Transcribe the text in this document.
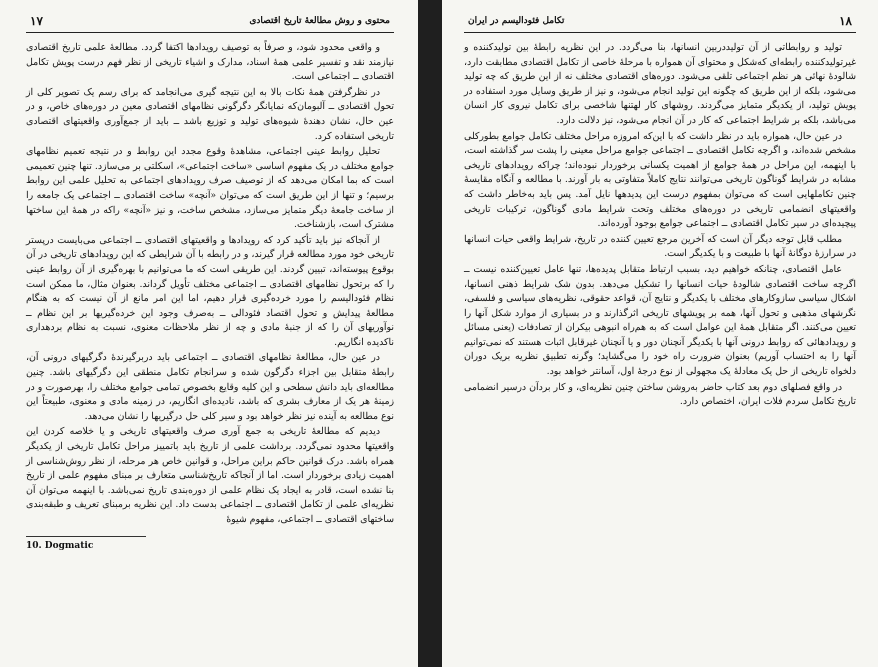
۱۷	محتوی و روش مطالعهٔ تاریخ اقتصادی

و واقعی محدود شود، و صرفاً به توصیف رویدادها اکتفا گردد. مطالعهٔ علمی تاریخ اقتصادی نیازمند نقد و تفسیر علمی همهٔ اسناد، مدارک و اشیاء تاریخی از نظر فهم درست پویش تکامل اقتصادی ــ اجتماعی است.

در نظرگرفتن همهٔ نکات بالا به این نتیجه گیری می‌انجامد که برای رسم یک تصویر کلی از تحول اقتصادی ــ آلبومان‌که نمایانگر دگرگونی نظامهای اقتصادی معین در دوره‌های خاص، و در عین حال، نشان دهندهٔ شیوه‌های تولید و توزیع باشد ــ باید از جمع‌آوری واقعیتهای اقتصادی تاریخی استفاده کرد.

تحلیل روابط عینی اجتماعی، مشاهدهٔ وقوع مجدد این روابط و در نتیجه تعمیم نظامهای جوامع مختلف در یک مفهوم اساسی «ساخت اجتماعی»، اسکلتی بر می‌سازد. تنها چنین تعمیمی است که بما امکان می‌دهد که از توصیف صرف رویدادهای اجتماعی به تحلیل علمی این روابط برسیم؛ و تنها از این طریق است که می‌توان «آنچه» ساخت اقتصادی ــ اجتماعی یک جامعه را از ساخت جامعهٔ دیگر متمایز می‌سازد، مشخص ساخت، و نیز «آنچه» راکه در همهٔ این ساختها مشترک است، بازشناخت.

از آنجاکه نیز باید تأکید کرد که رویدادها و واقعیتهای اقتصادی ــ اجتماعی می‌بایست درپستر تاریخی خود مورد مطالعه قرار گیرند، و در رابطه با آن شرایطی که این رویدادهای تاریخی در آن بوقوع پیوسته‌اند، تبیین گردند. این طریقی است که ما می‌توانیم با بهره‌گیری از آن روابط عینی را که برتحول نظامهای اقتصادی ــ اجتماعی مختلف تأویل گرداند. بعنوان مثال، ما ممکن است نظام فئودالیسم را مورد خرده‌گیری قرار دهیم، اما این امر مانع از آن نیست که به هنگام مطالعهٔ پیدایش و تحول اقتصاد فئودالی ــ به‌صرف وجود این خرده‌گیریها بر این نظام ــ نوآوریهای آن را که از جنبهٔ مادی و چه از نظر ملاحظات معنوی، نسبت به نظام بردهداری ناکدیده انگاریم.

در عین حال، مطالعهٔ نظامهای اقتصادی ــ اجتماعی باید دربرگیرندهٔ دگرگیهای درونی آن، رابطهٔ متقابل بین اجزاء دگرگون شده و سرانجام تکامل منطقی این دگرگیهای باشد. چنین مطالعه‌ای باید دانش سطحی و این کلیه وقایع بخصوص تمامی جوامع مختلف را، بهرصورت و در زمینهٔ هر یک از معارف بشری که باشد، نادیده‌ای انگاریم، در زمینه مادی و معنوی، طبیعتاً این نوع مطالعه به آینده نیز نظر خواهد بود و سیر کلی حل درگیریها را نشان می‌دهد.

دیدیم که مطالعهٔ تاریخی به جمع آوری صرف واقعیتهای تاریخی و یا خلاصه کردن این واقعیتها محدود نمی‌گردد. برداشت علمی از تاریخ باید باتمییز مراحل تکامل تاریخی از یکدیگر همراه باشد. درک قوانین حاکم براین مراحل، و قوانین خاص هر مرحله، از نظر روش‌شناسی از اهمیت زیادی برخوردار است. اما از آنجاکه تاریخ‌شناسی متعارف بر مبنای مفهوم علمی از تاریخ بنا نشده است، قادر به ایجاد یک نظام علمی از دوره‌بندی تاریخ نمی‌باشد. با اینهمه می‌توان آن نظریه‌ای علمی از تکامل اقتصادی ــ اجتماعی بدست داد. این نظریه برمبنای تعریف و طبقه‌بندی ساختهای اقتصادی ــ اجتماعی، مفهوم شیوهٔ

10. Dogmatic
۱۸
تکامل فئودالیسم در ایران

تولید و روابطاتی از آن تولیددربین انسانها، بنا می‌گردد. در این نظریه رابطهٔ بین تولیدکننده و غیرتولیدکننده رابطه‌ای که‌شکل و محتوای آن همواره با مرحلهٔ خاصی از تکامل اقتصادی مطابقت دارد، شالودهٔ نهائی هر نظم اجتماعی تلقی می‌شود. دوره‌های اقتصادی مختلف نه از این طریق که چه تولید می‌شود، بلکه از این طریق که چگونه این تولید انجام می‌شود، و نیز از طریق وسایل مورد استفاده در پویش تولید، از یکدیگر متمایز می‌گردند. روشهای کار لهتنها شاخصی برای تکامل نیروی کار انسان می‌باشد، بلکه بر شرایط اجتماعی که کار در آن انجام می‌شود، نیز دلالت دارد.

در عین حال، همواره باید در نظر داشت که با این‌که امروزه مراحل مختلف تکامل جوامع بطورکلی مشخص شده‌اند، و اگرچه تکامل اقتصادی ــ اجتماعی جوامع مراحل معینی را پشت سر گذاشته است، با اینهمه، این مراحل در همهٔ جوامع از اهمیت یکسانی برخوردار نبوده‌اند؛ چراکه رویدادهای تاریخی مشابه در شرایط گوناگون تاریخی می‌توانند نتایج کاملاً متفاوتی به بار آورند. با مطالعه و آنگاه مقایسهٔ چنین تکاملهایی است که می‌توان بمفهوم درست این پدیدهها نایل آمد. پس باید به‌خاطر داشت که واقعیتهای انضمامی تاریخی در دوره‌های مختلف وتحت شرایط مادی گوناگون، ترکیبات تاریخی پیچیده‌ای در سیر تکامل اقتصادی ــ اجتماعی جوامع بوجود آورده‌اند.

مطلب قابل توجه دیگر آن است که آخرین مرجع تعیین کننده در تاریخ، شرایط واقعی حیات انسانها در سرارزهٔ دوگانهٔ آنها با طبیعت و با یکدیگر است.

عامل اقتصادی، چنانکه خواهیم دید، بسبب ارتباط متقابل پدیده‌ها، تنها عامل تعیین‌کننده نیست ــ اگرچه ساخت اقتصادی شالودهٔ حیات انسانها را تشکیل می‌دهد. بدون شک شرایط ذهنی انسانها، اشکال سیاسی سازوکارهای مختلف با یکدیگر و نتایج آن، قواعد حقوقی، نظریه‌های سیاسی و فلسفی، نگرشهای مذهبی و تحول آنها، همه بر پویشهای تاریخی اثرگذارند و در بسیاری از موارد شکل آنها را تعیین می‌کنند. اگر متقابل همهٔ این عوامل است که به هم‌راه انبوهی بیکران از تصادفات (یعنی مسائل و رویدادهائی که روابط درونی آنها با یکدیگر آنچنان دور و یا آنچنان غیرقابل اثبات هستند که نمی‌توانیم آنها را به احتساب آوریم) بعنوان ضرورت راه خود را می‌گشاید؛ وگرنه تطبیق نظریه بریک دوران دلخواه تاریخی از حل یک معادلهٔ یک مجهولی از نوع درجهٔ اول، آسانتر خواهد بود.

در واقع فصلهای دوم بعد کتاب حاضر به‌روشن ساختن چنین نظریه‌ای، و کار بردآن درسیر انضمامی تاریخ تکامل سردم فلات ایران، اختصاص دارد.
